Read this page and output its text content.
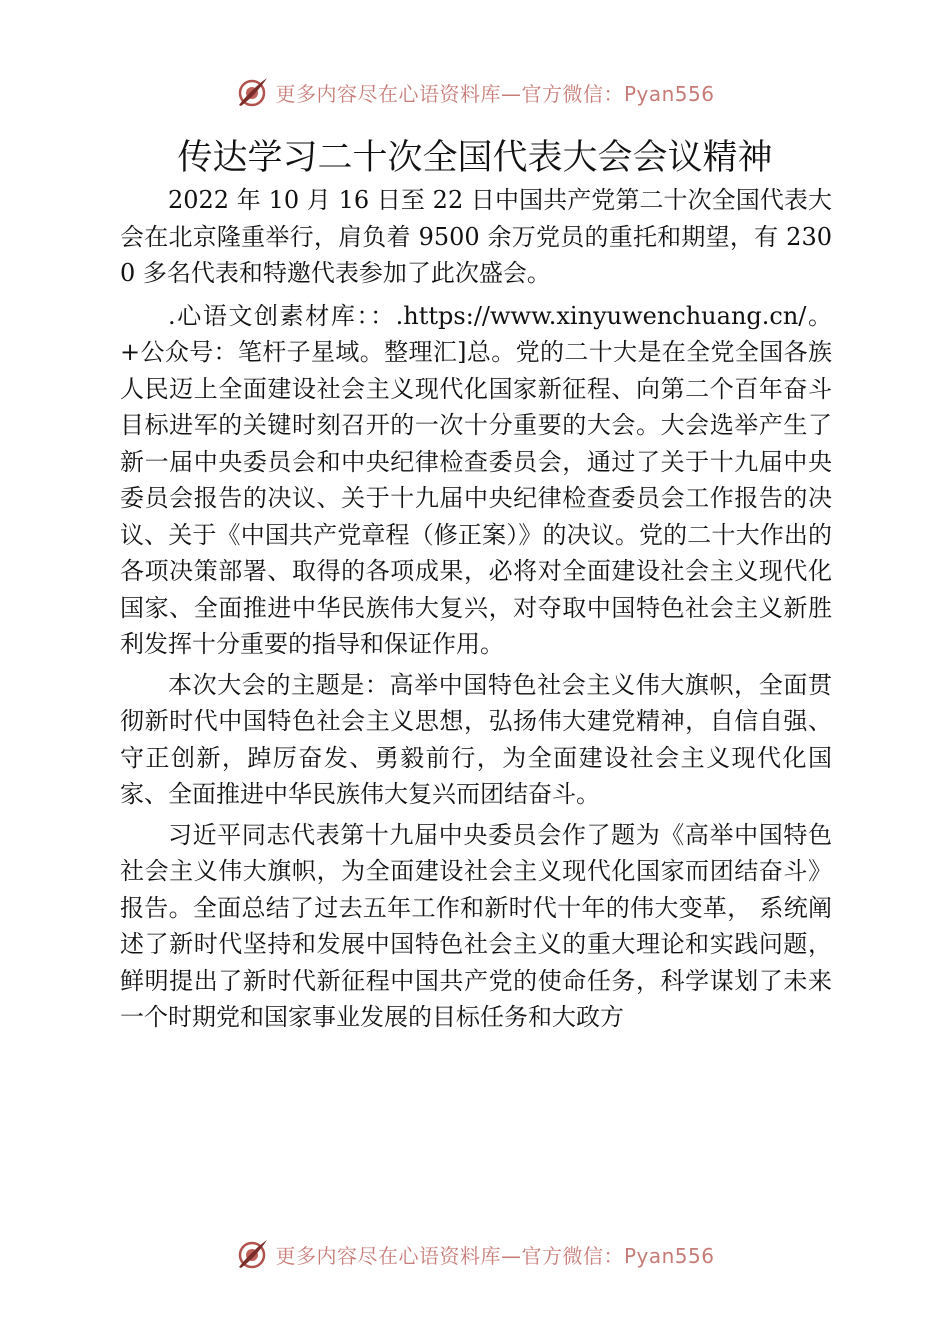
更多内容尽在心语资料库—官方微信：Pyan556
传达学习二十次全国代表大会会议精神

2022 年 10 月 16 日至 22 日中国共产党第二十次全国代表大会在北京隆重举行，肩负着 9500 余万党员的重托和期望，有 2300 多名代表和特邀代表参加了此次盛会。

.心语文创素材库：：.https://www.xinyuwenchuang.cn/。+公众号：笔杆子星域。整理汇]总。党的二十大是在全党全国各族人民迈上全面建设社会主义现代化国家新征程、向第二个百年奋斗目标进军的关键时刻召开的一次十分重要的大会。大会选举产生了新一届中央委员会和中央纪律检查委员会，通过了关于十九届中央委员会报告的决议、关于十九届中央纪律检查委员会工作报告的决议、关于《中国共产党章程（修正案）》的决议。党的二十大作出的各项决策部署、取得的各项成果，必将对全面建设社会主义现代化国家、全面推进中华民族伟大复兴，对夺取中国特色社会主义新胜利发挥十分重要的指导和保证作用。

本次大会的主题是：高举中国特色社会主义伟大旗帜，全面贯彻新时代中国特色社会主义思想，弘扬伟大建党精神，自信自强、守正创新，踔厉奋发、勇毅前行，为全面建设社会主义现代化国家、全面推进中华民族伟大复兴而团结奋斗。

习近平同志代表第十九届中央委员会作了题为《高举中国特色社会主义伟大旗帜，为全面建设社会主义现代化国家而团结奋斗》报告。全面总结了过去五年工作和新时代十年的伟大变革， 系统阐述了新时代坚持和发展中国特色社会主义的重大理论和实践问题，鲜明提出了新时代新征程中国共产党的使命任务，科学谋划了未来一个时期党和国家事业发展的目标任务和大政方

更多内容尽在心语资料库—官方微信：Pyan556
